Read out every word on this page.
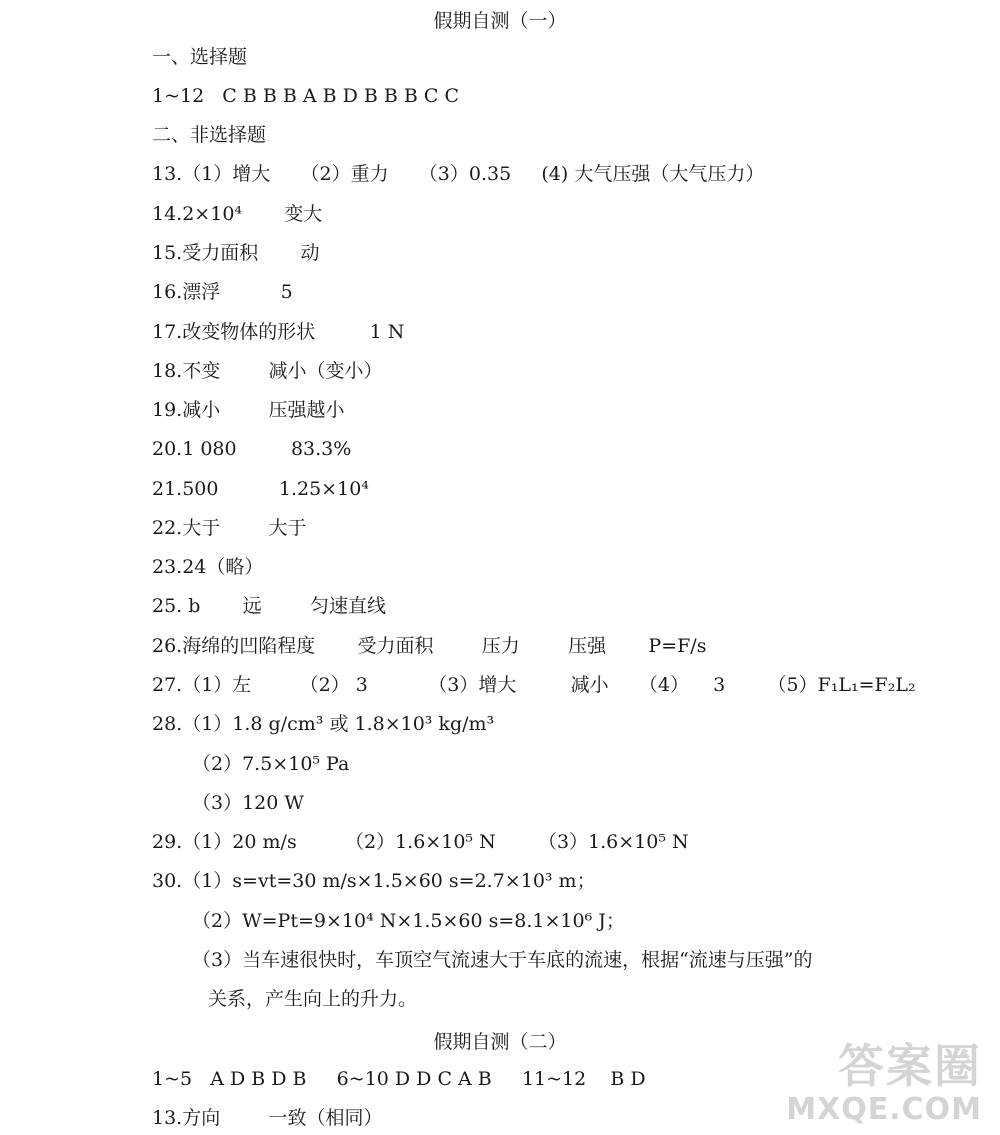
假期自测（一）
一、选择题
1~12   C B B B A B D B B B C C
二、非选择题
13.（1）增大     （2）重力     （3）0.35     (4) 大气压强（大气压力）
14.2×10⁴       变大
15.受力面积       动
16.漂浮          5
17.改变物体的形状         1 N
18.不变        减小（变小）
19.减小        压强越小
20.1 080         83.3%
21.500          1.25×10⁴
22.大于        大于
23.24（略）
25. b       远        匀速直线
26.海绵的凹陷程度       受力面积        压力        压强       P=F/s
27.（1）左        （2） 3          （3）增大         减小     （4）    3       （5）F₁L₁=F₂L₂
28.（1）1.8 g/cm³ 或 1.8×10³ kg/m³
（2）7.5×10⁵ Pa
（3）120 W
29.（1）20 m/s        （2）1.6×10⁵ N       （3）1.6×10⁵ N
30.（1）s=vt=30 m/s×1.5×60 s=2.7×10³ m；
（2）W=Pt=9×10⁴ N×1.5×60 s=8.1×10⁶ J；
（3）当车速很快时，车顶空气流速大于车底的流速，根据“流速与压强”的
关系，产生向上的升力。
假期自测（二）
1~5   A D B D B     6~10 D D C A B     11~12    B D
13.方向        一致（相同）
答案圈
MXQE.COM
